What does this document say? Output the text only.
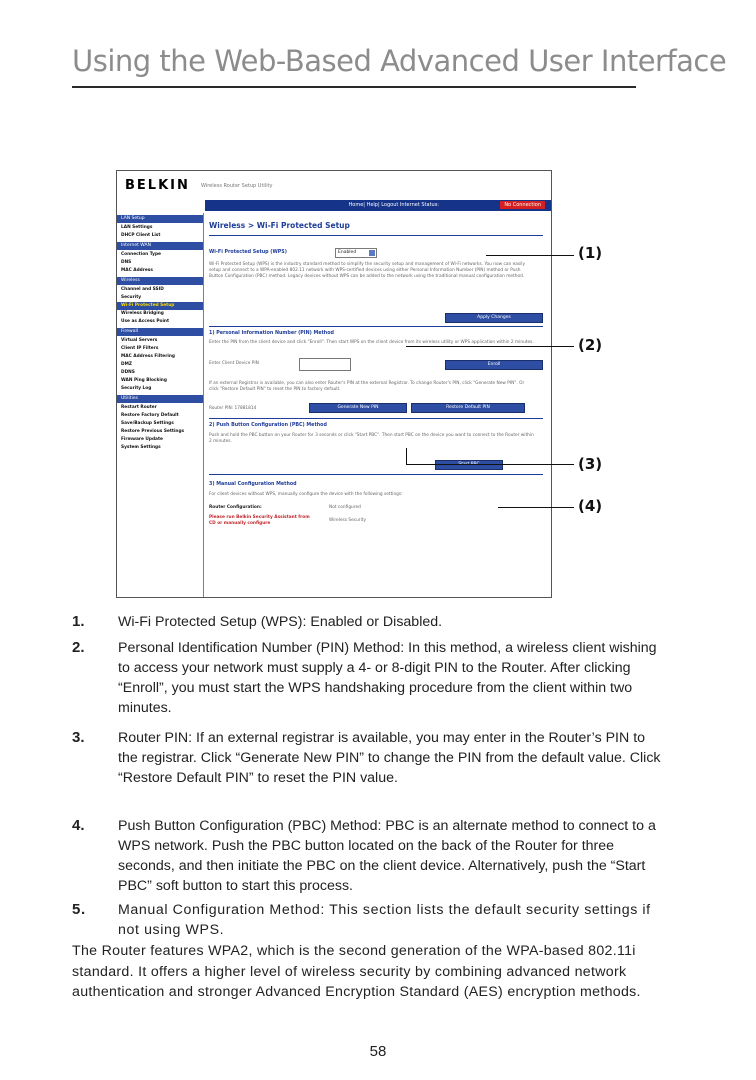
Using the Web-Based Advanced User Interface
BELKIN Wireless Router Setup Utility
Home| Help| Logout Internet Status:	No Connection
LAN Setup
LAN Settings
DHCP Client List
Internet WAN
Connection Type
DNS
MAC Address
Wireless
Channel and SSID
Security
Wi-Fi Protected Setup
Wireless Bridging
Use as Access Point
Firewall
Virtual Servers
Client IP Filters
MAC Address Filtering
DMZ
DDNS
WAN Ping Blocking
Security Log
Utilities
Restart Router
Restore Factory Default
Save/Backup Settings
Restore Previous Settings
Firmware Update
System Settings
Wireless > Wi-Fi Protected Setup
Wi-Fi Protected Setup (WPS)	Enabled
Wi-Fi Protected Setup (WPS) is the industry standard method to simplify the security setup and management of Wi-Fi networks. You now can easily setup and connect to a WPA-enabled 802.11 network with WPS-certified devices using either Personal Information Number (PIN) method or Push Button Configuration (PBC) method. Legacy devices without WPS can be added to the network using the traditional manual configuration method.
Apply Changes
1) Personal Information Number (PIN) Method
Enter the PIN from the client device and click "Enroll". Then start WPS on the client device from its wireless utility or WPS application within 2 minutes.
Enter Client Device PIN	Enroll
If an external Registrar is available, you can also enter Router's PIN at the external Registrar. To change Router's PIN, click "Generate New PIN". Or click "Restore Default PIN" to reset the PIN to factory default.
Router PIN: 17881814	Generate New PIN	Restore Default PIN
2) Push Button Configuration (PBC) Method
Push and hold the PBC button on your Router for 3 seconds or click "Start PBC". Then start PBC on the device you want to connect to the Router within 2 minutes.
3) Manual Configuration Method
For client devices without WPS, manually configure the device with the following settings:
Router Configuration:	Not configured
Please run Belkin Security Assistant from CD or manually configure
Wireless Security
(1)
(2)
(3)
(4)
1. Wi-Fi Protected Setup (WPS): Enabled or Disabled.
2. Personal Identification Number (PIN) Method: In this method, a wireless client wishing to access your network must supply a 4- or 8-digit PIN to the Router. After clicking “Enroll”, you must start the WPS handshaking procedure from the client within two minutes.
3. Router PIN: If an external registrar is available, you may enter in the Router’s PIN to the registrar. Click “Generate New PIN” to change the PIN from the default value. Click “Restore Default PIN” to reset the PIN value.
4. Push Button Configuration (PBC) Method: PBC is an alternate method to connect to a WPS network. Push the PBC button located on the back of the Router for three seconds, and then initiate the PBC on the client device. Alternatively, push the “Start PBC” soft button to start this process.
5. Manual Configuration Method: This section lists the default security settings if not using WPS.
The Router features WPA2, which is the second generation of the WPA-based 802.11i standard. It offers a higher level of wireless security by combining advanced network authentication and stronger Advanced Encryption Standard (AES) encryption methods.
58
